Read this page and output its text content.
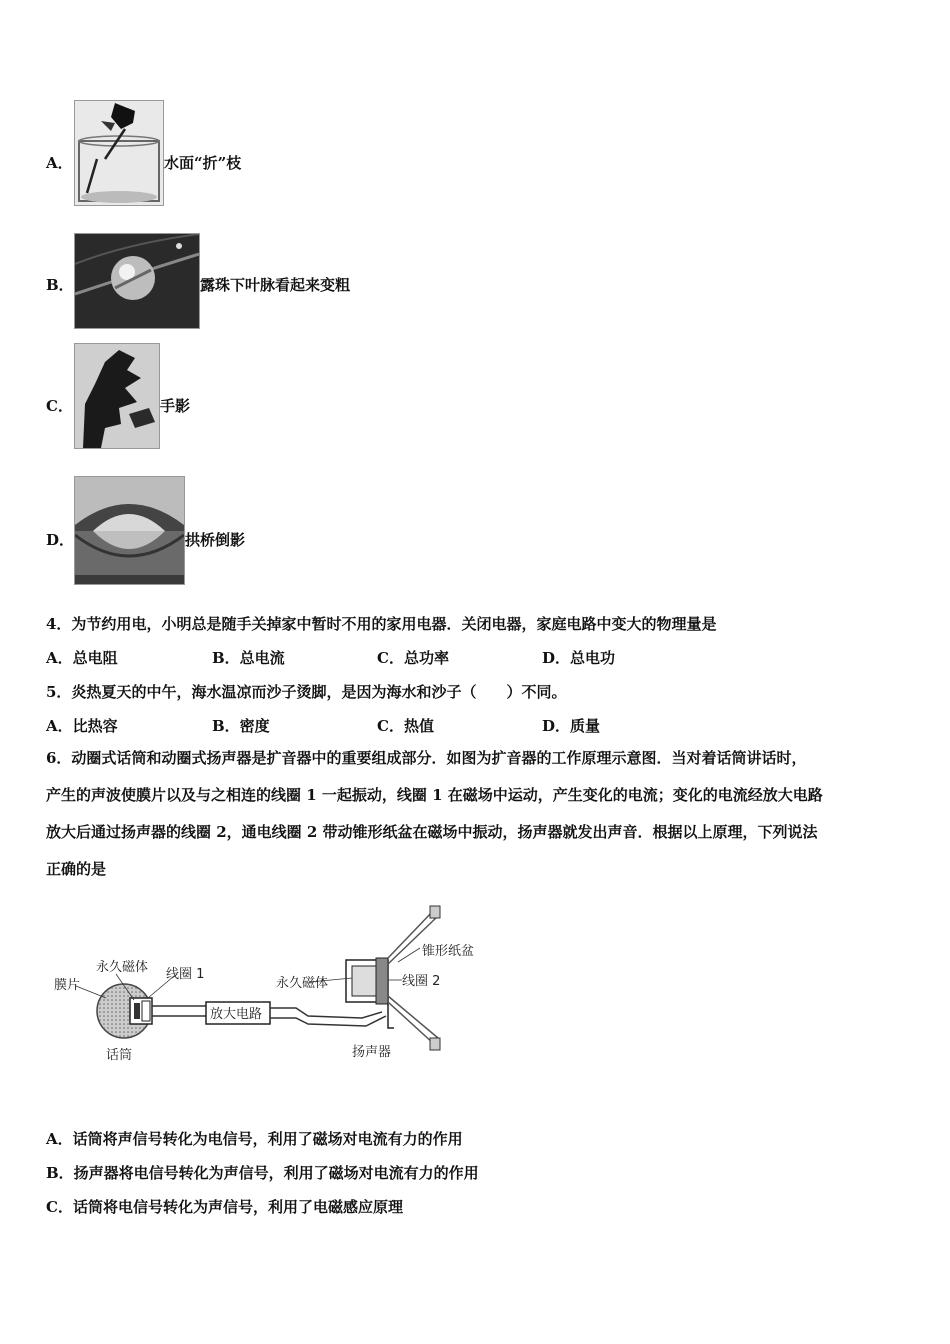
A．	水面“折”枝
B．	露珠下叶脉看起来变粗
C．	手影
D．	拱桥倒影
4．为节约用电，小明总是随手关掉家中暂时不用的家用电器．关闭电器，家庭电路中变大的物理量是
A．总电阻	B．总电流	C．总功率	D．总电功
5．炎热夏天的中午，海水温凉而沙子烫脚，是因为海水和沙子（　　）不同。
A．比热容	B．密度	C．热值	D．质量
6．动圈式话筒和动圈式扬声器是扩音器中的重要组成部分．如图为扩音器的工作原理示意图．当对着话筒讲话时，
产生的声波使膜片以及与之相连的线圈 1 一起振动，线圈 1 在磁场中运动，产生变化的电流；变化的电流经放大电路
放大后通过扬声器的线圈 2，通电线圈 2 带动锥形纸盆在磁场中振动，扬声器就发出声音．根据以上原理，下列说法
正确的是
膜片
永久磁体 线圈 1
话筒
放大电路
永久磁体
锥形纸盆
线圈 2
扬声器
A．话筒将声信号转化为电信号，利用了磁场对电流有力的作用
B．扬声器将电信号转化为声信号，利用了磁场对电流有力的作用
C．话筒将电信号转化为声信号，利用了电磁感应原理
